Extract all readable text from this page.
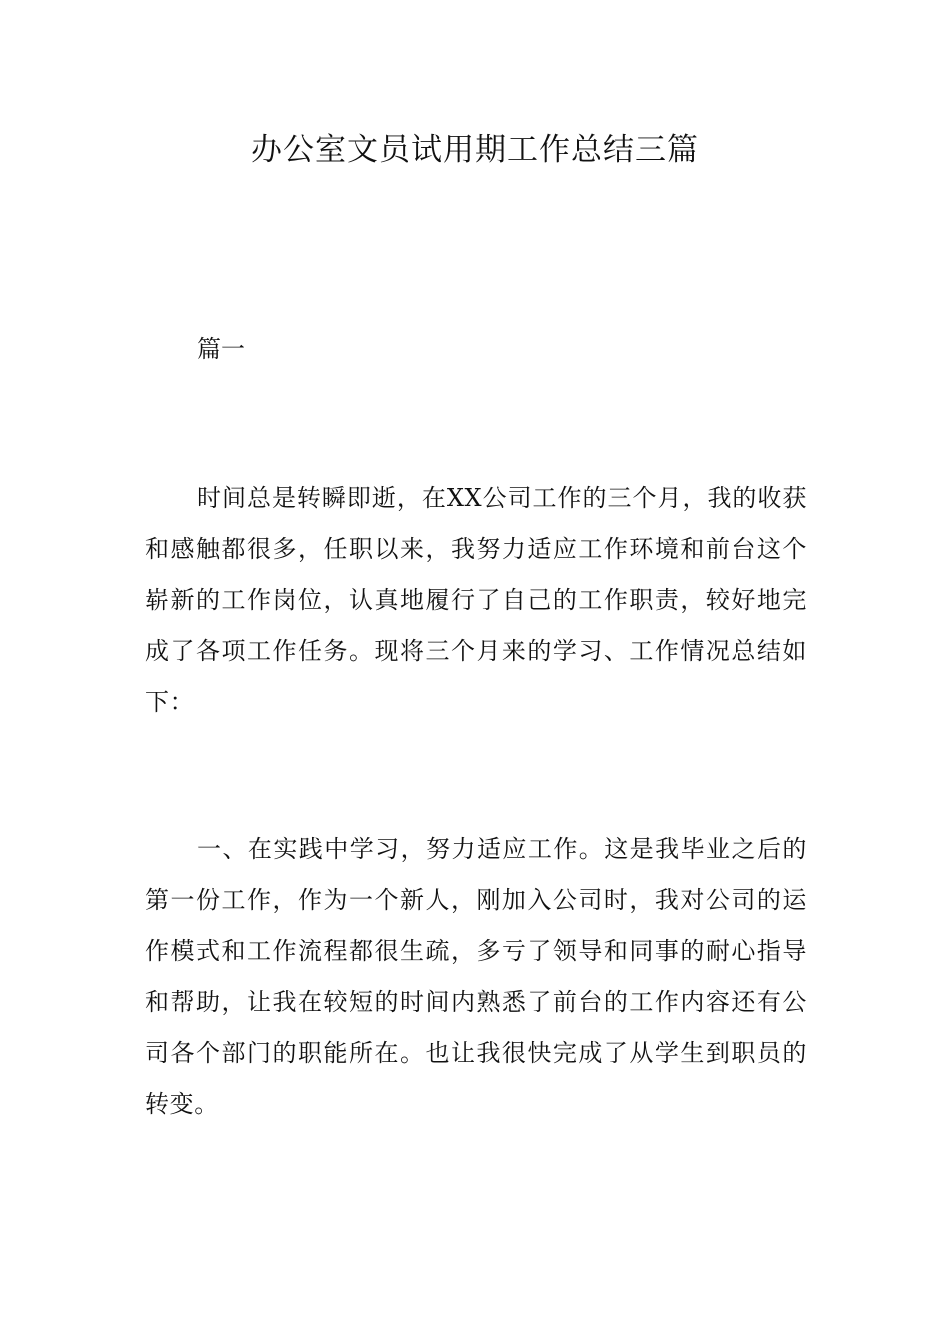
办公室文员试用期工作总结三篇

篇一

时间总是转瞬即逝，在XX公司工作的三个月，我的收获和感触都很多，任职以来，我努力适应工作环境和前台这个崭新的工作岗位，认真地履行了自己的工作职责，较好地完成了各项工作任务。现将三个月来的学习、工作情况总结如下：

一、在实践中学习，努力适应工作。这是我毕业之后的第一份工作，作为一个新人，刚加入公司时，我对公司的运作模式和工作流程都很生疏，多亏了领导和同事的耐心指导和帮助，让我在较短的时间内熟悉了前台的工作内容还有公司各个部门的职能所在。也让我很快完成了从学生到职员的转变。
